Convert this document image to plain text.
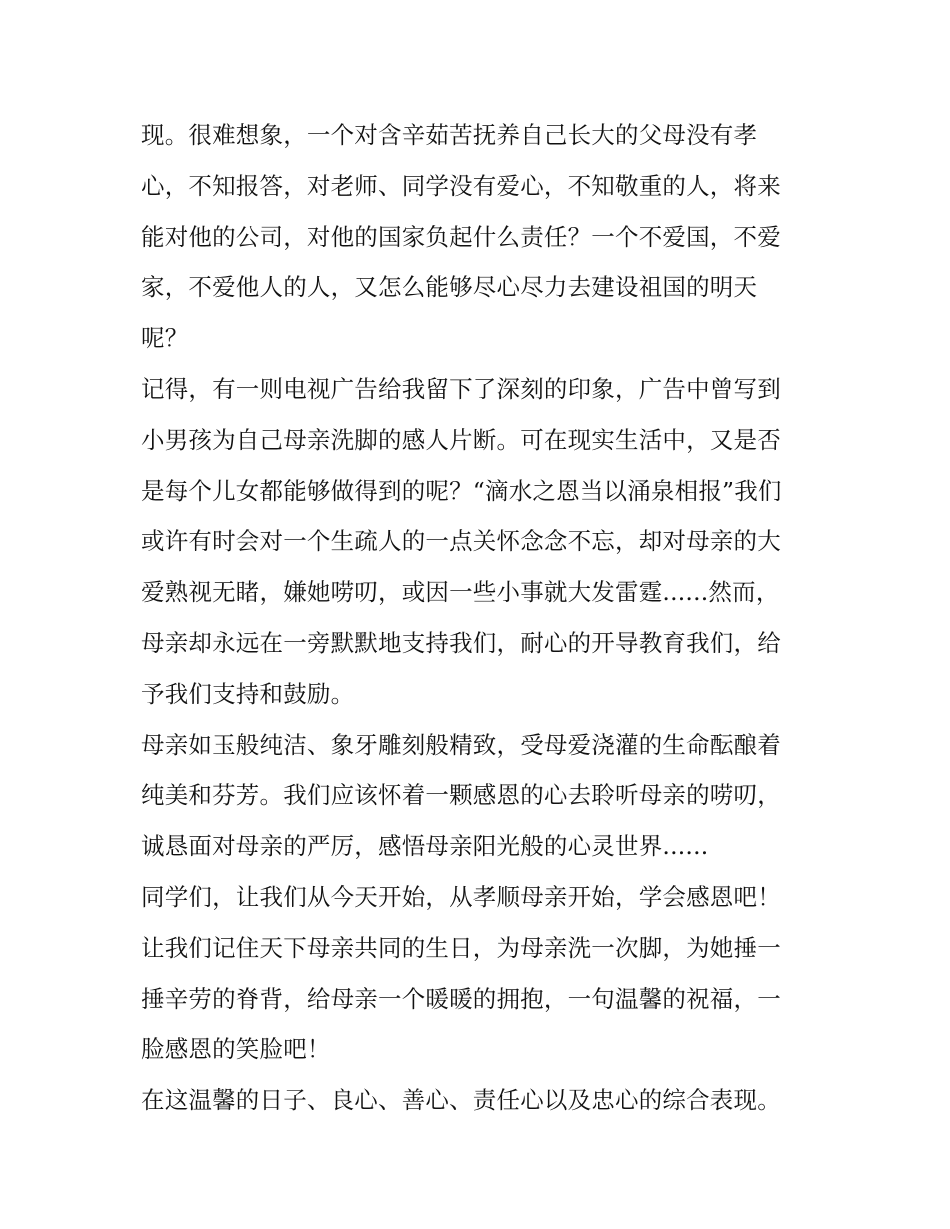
现。很难想象，一个对含辛茹苦抚养自己长大的父母没有孝
心，不知报答，对老师、同学没有爱心，不知敬重的人，将来
能对他的公司，对他的国家负起什么责任？一个不爱国，不爱
家，不爱他人的人，又怎么能够尽心尽力去建设祖国的明天
呢？
记得，有一则电视广告给我留下了深刻的印象，广告中曾写到
小男孩为自己母亲洗脚的感人片断。可在现实生活中，又是否
是每个儿女都能够做得到的呢？“滴水之恩当以涌泉相报”我们
或许有时会对一个生疏人的一点关怀念念不忘，却对母亲的大
爱熟视无睹，嫌她唠叨，或因一些小事就大发雷霆......然而，
母亲却永远在一旁默默地支持我们，耐心的开导教育我们，给
予我们支持和鼓励。
母亲如玉般纯洁、象牙雕刻般精致，受母爱浇灌的生命酝酿着
纯美和芬芳。我们应该怀着一颗感恩的心去聆听母亲的唠叨，
诚恳面对母亲的严厉，感悟母亲阳光般的心灵世界......
同学们，让我们从今天开始，从孝顺母亲开始，学会感恩吧！
让我们记住天下母亲共同的生日，为母亲洗一次脚，为她捶一
捶辛劳的脊背，给母亲一个暖暖的拥抱，一句温馨的祝福，一
脸感恩的笑脸吧！
在这温馨的日子、良心、善心、责任心以及忠心的综合表现。
